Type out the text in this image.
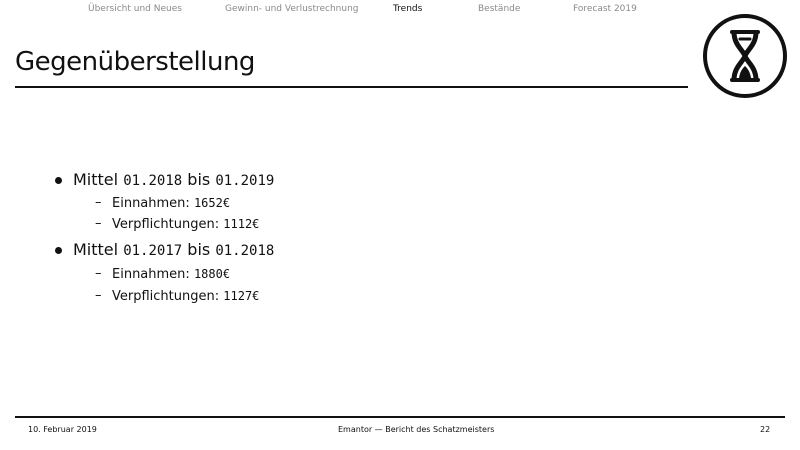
Übersicht und Neues	Gewinn- und Verlustrechnung	Trends	Bestände	Forecast 2019
Gegenüberstellung
Mittel 01.2018 bis 01.2019
– Einnahmen: 1652€
– Verpflichtungen: 1112€
Mittel 01.2017 bis 01.2018
– Einnahmen: 1880€
– Verpflichtungen: 1127€
10. Februar 2019	Emantor — Bericht des Schatzmeisters	22
